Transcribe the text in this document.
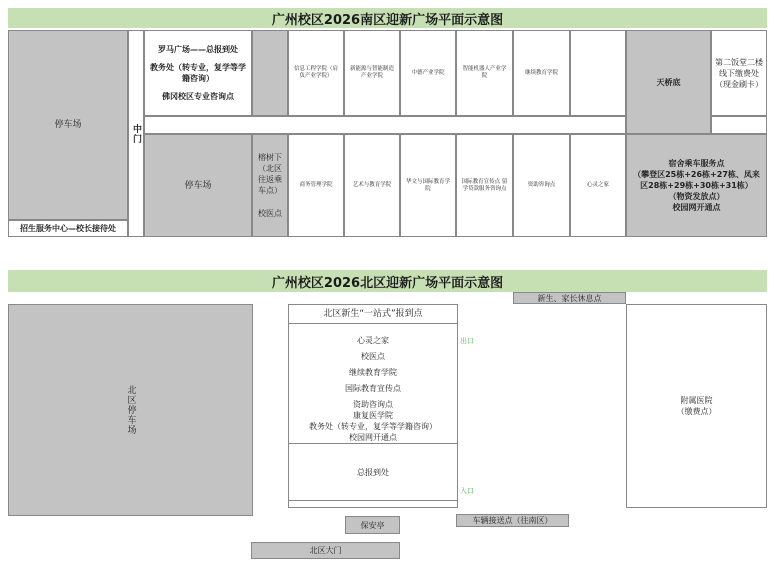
广州校区2026南区迎新广场平面示意图
停车场
招生服务中心—校长接待处
中门
罗马广场——总报到处
教务处（转专业，复学等学籍咨询）
佛冈校区专业咨询点
信息工程学院（肩负产业学院）
新能源与智能制造产业学院
中德产业学院
智能机器人产业学院
继续教育学院
天桥底
第二饭堂二楼线下缴费处（现金刷卡）
停车场
榕树下（北区往返乘车点）
校医点
商务管理学院	艺术与教育学院
华文与国际教育学院
国际教育宣传点 留学贷款服务咨询点
资助咨询点	心灵之家
宿舍乘车服务点
（攀登区25栋+26栋+27栋、凤来区28栋+29栋+30栋+31栋）
（物资发放点）
校园网开通点
广州校区2026北区迎新广场平面示意图
北区停车场
北区新生“一站式”报到点
心灵之家
校医点
继续教育学院
国际教育宣传点
资助咨询点
康复医学院
教务处（转专业，复学等学籍咨询）
校园网开通点
总报到处
出口
入口
新生、家长休息点
附属医院
（缴费点）
保安亭	车辆接送点（往南区）
北区大门
